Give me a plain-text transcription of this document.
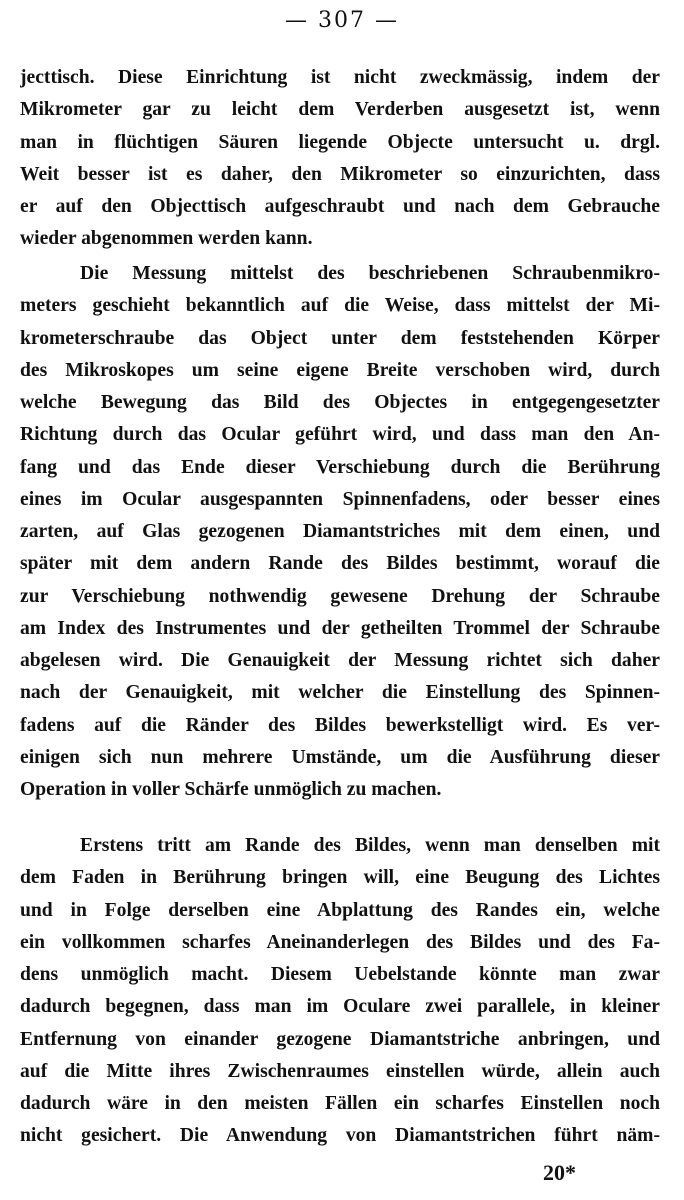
— 307 —
jecttisch. Diese Einrichtung ist nicht zweckmässig, indem der
Mikrometer gar zu leicht dem Verderben ausgesetzt ist, wenn
man in flüchtigen Säuren liegende Objecte untersucht u. drgl.
Weit besser ist es daher, den Mikrometer so einzurichten, dass
er auf den Objecttisch aufgeschraubt und nach dem Gebrauche
wieder abgenommen werden kann.
Die Messung mittelst des beschriebenen Schraubenmikro-
meters geschieht bekanntlich auf die Weise, dass mittelst der Mi-
krometerschraube das Object unter dem feststehenden Körper
des Mikroskopes um seine eigene Breite verschoben wird, durch
welche Bewegung das Bild des Objectes in entgegengesetzter
Richtung durch das Ocular geführt wird, und dass man den An-
fang und das Ende dieser Verschiebung durch die Berührung
eines im Ocular ausgespannten Spinnenfadens, oder besser eines
zarten, auf Glas gezogenen Diamantstriches mit dem einen, und
später mit dem andern Rande des Bildes bestimmt, worauf die
zur Verschiebung nothwendig gewesene Drehung der Schraube
am Index des Instrumentes und der getheilten Trommel der Schraube
abgelesen wird. Die Genauigkeit der Messung richtet sich daher
nach der Genauigkeit, mit welcher die Einstellung des Spinnen-
fadens auf die Ränder des Bildes bewerkstelligt wird. Es ver-
einigen sich nun mehrere Umstände, um die Ausführung dieser
Operation in voller Schärfe unmöglich zu machen.
Erstens tritt am Rande des Bildes, wenn man denselben mit
dem Faden in Berührung bringen will, eine Beugung des Lichtes
und in Folge derselben eine Abplattung des Randes ein, welche
ein vollkommen scharfes Aneinanderlegen des Bildes und des Fa-
dens unmöglich macht. Diesem Uebelstande könnte man zwar
dadurch begegnen, dass man im Oculare zwei parallele, in kleiner
Entfernung von einander gezogene Diamantstriche anbringen, und
auf die Mitte ihres Zwischenraumes einstellen würde, allein auch
dadurch wäre in den meisten Fällen ein scharfes Einstellen noch
nicht gesichert. Die Anwendung von Diamantstrichen führt näm-
20*
